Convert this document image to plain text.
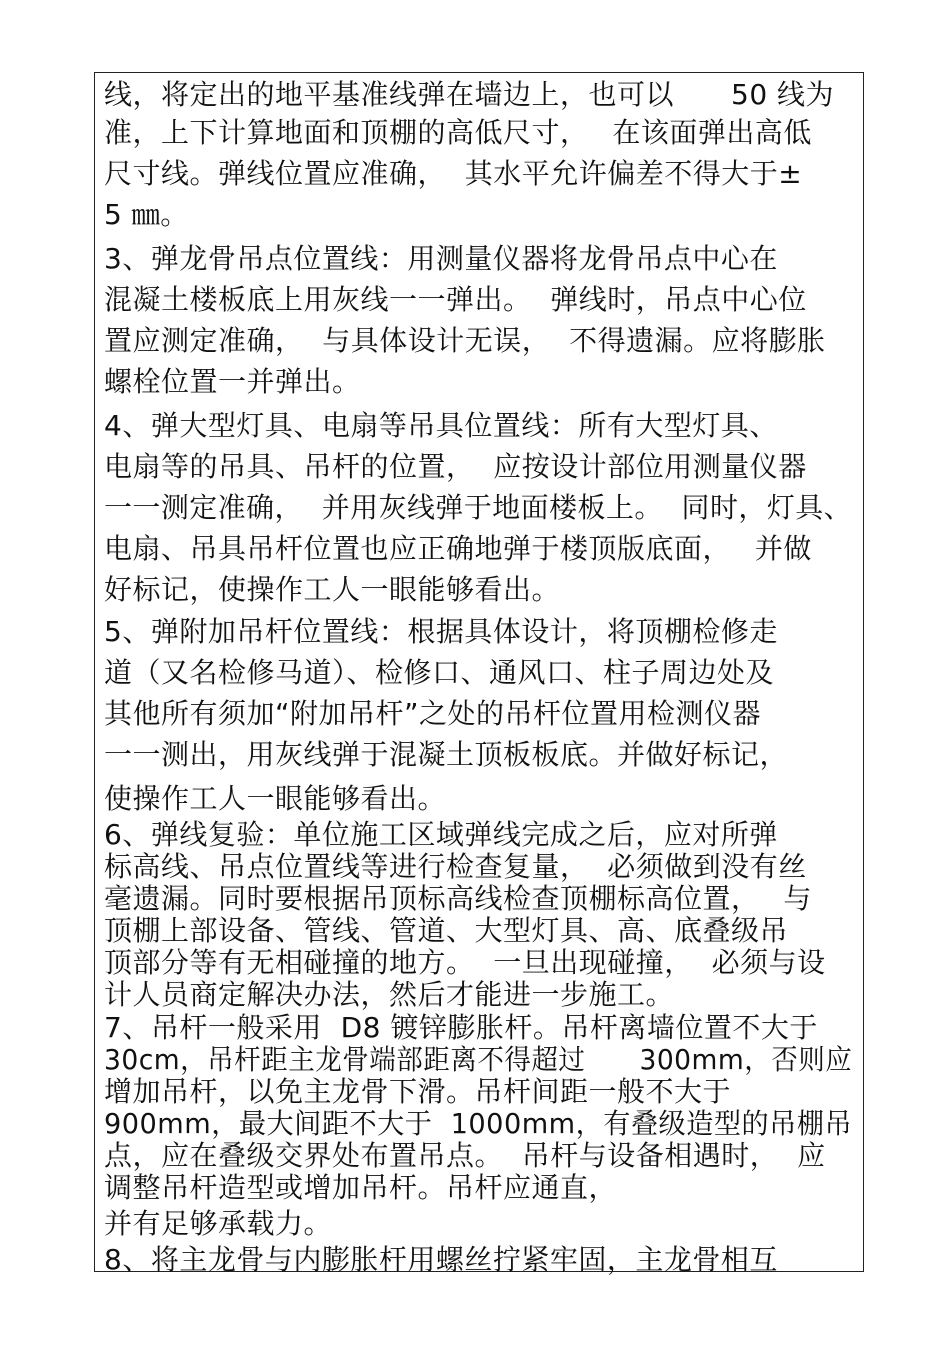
线，将定出的地平基准线弹在墙边上，也可以　　50 线为
准，上下计算地面和顶棚的高低尺寸，　 在该面弹出高低
尺寸线。弹线位置应准确，  其水平允许偏差不得大于±
5 ㎜。
3、弹龙骨吊点位置线：用测量仪器将龙骨吊点中心在
混凝土楼板底上用灰线一一弹出。  弹线时，吊点中心位
置应测定准确，  与具体设计无误，  不得遗漏。应将膨胀
螺栓位置一并弹出。
4、弹大型灯具、电扇等吊具位置线：所有大型灯具、
电扇等的吊具、吊杆的位置，  应按设计部位用测量仪器
一一测定准确，  并用灰线弹于地面楼板上。  同时，灯具、
电扇、吊具吊杆位置也应正确地弹于楼顶版底面，　 并做
好标记，使操作工人一眼能够看出。
5、弹附加吊杆位置线：根据具体设计，将顶棚检修走
道（又名检修马道）、检修口、通风口、柱子周边处及
其他所有须加“附加吊杆”之处的吊杆位置用检测仪器
一一测出，用灰线弹于混凝土顶板板底。并做好标记，
使操作工人一眼能够看出。
6、弹线复验：单位施工区域弹线完成之后，应对所弹
标高线、吊点位置线等进行检查复量，  必须做到没有丝
毫遗漏。同时要根据吊顶标高线检查顶棚标高位置，　 与
顶棚上部设备、管线、管道、大型灯具、高、底叠级吊
顶部分等有无相碰撞的地方。  一旦出现碰撞，  必须与设
计人员商定解决办法，然后才能进一步施工。
7、吊杆一般采用  D8 镀锌膨胀杆。吊杆离墙位置不大于
30cm，吊杆距主龙骨端部距离不得超过　　300mm，否则应
增加吊杆，以免主龙骨下滑。吊杆间距一般不大于
900mm，最大间距不大于  1000mm，有叠级造型的吊棚吊
点，应在叠级交界处布置吊点。  吊杆与设备相遇时，  应
调整吊杆造型或增加吊杆。吊杆应通直，
并有足够承载力。
8、将主龙骨与内膨胀杆用螺丝拧紧牢固，主龙骨相互
